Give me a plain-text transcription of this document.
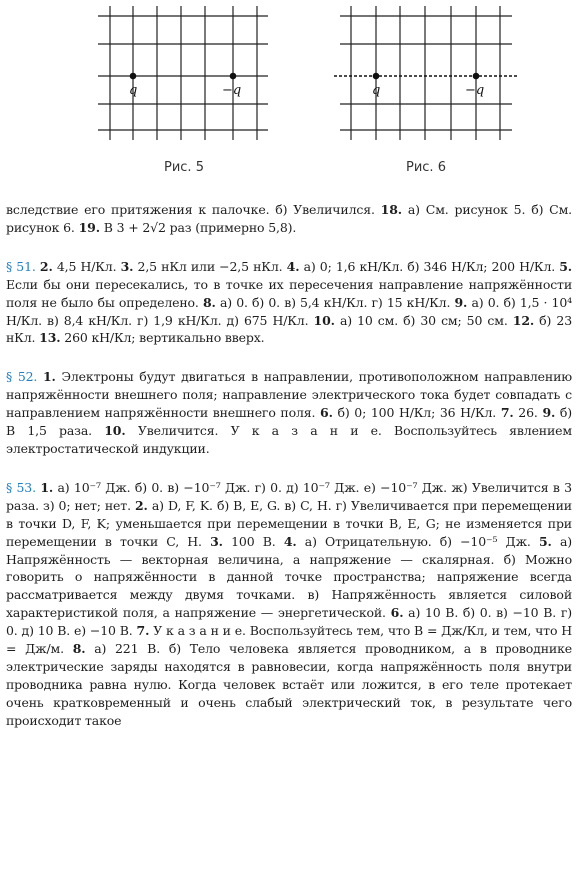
q	−q	q	−q
Рис. 5	Рис. 6

вследствие его притяжения к палочке. б) Увеличился. 18. а) См. рисунок 5. б) См. рисунок 6. 19. В 3 + 2√2 раз (примерно 5,8).

§ 51. 2. 4,5 Н/Кл. 3. 2,5 нКл или −2,5 нКл. 4. а) 0; 1,6 кН/Кл. б) 346 Н/Кл; 200 Н/Кл. 5. Если бы они пересекались, то в точке их пересечения направление напряжённости поля не было бы определено. 8. а) 0. б) 0. в) 5,4 кН/Кл. г) 15 кН/Кл. 9. а) 0. б) 1,5 · 10⁴ Н/Кл. в) 8,4 кН/Кл. г) 1,9 кН/Кл. д) 675 Н/Кл. 10. а) 10 см. б) 30 см; 50 см. 12. б) 23 нКл. 13. 260 кН/Кл; вертикально вверх.

§ 52. 1. Электроны будут двигаться в направлении, противоположном направлению напряжённости внешнего поля; направление электрического тока будет совпадать с направлением напряжённости внешнего поля. 6. б) 0; 100 Н/Кл; 36 Н/Кл. 7. 26. 9. б) В 1,5 раза. 10. Увеличится. У к а з а н и е. Воспользуйтесь явлением электростатической индукции.

§ 53. 1. а) 10⁻⁷ Дж. б) 0. в) −10⁻⁷ Дж. г) 0. д) 10⁻⁷ Дж. е) −10⁻⁷ Дж. ж) Увеличится в 3 раза. з) 0; нет; нет. 2. а) D, F, K. б) B, E, G. в) C, H. г) Увеличивается при перемещении в точки D, F, K; уменьшается при перемещении в точки B, E, G; не изменяется при перемещении в точки C, H. 3. 100 В. 4. а) Отрицательную. б) −10⁻⁵ Дж. 5. а) Напряжённость — векторная величина, а напряжение — скалярная. б) Можно говорить о напряжённости в данной точке пространства; напряжение всегда рассматривается между двумя точками. в) Напряжённость является силовой характеристикой поля, а напряжение — энергетической. 6. а) 10 В. б) 0. в) −10 В. г) 0. д) 10 В. е) −10 В. 7. У к а з а н и е. Воспользуйтесь тем, что В = Дж/Кл, и тем, что Н = Дж/м. 8. а) 221 В. б) Тело человека является проводником, а в проводнике электрические заряды находятся в равновесии, когда напряжённость поля внутри проводника равна нулю. Когда человек встаёт или ложится, в его теле протекает очень кратковременный и очень слабый электрический ток, в результате чего происходит такое
